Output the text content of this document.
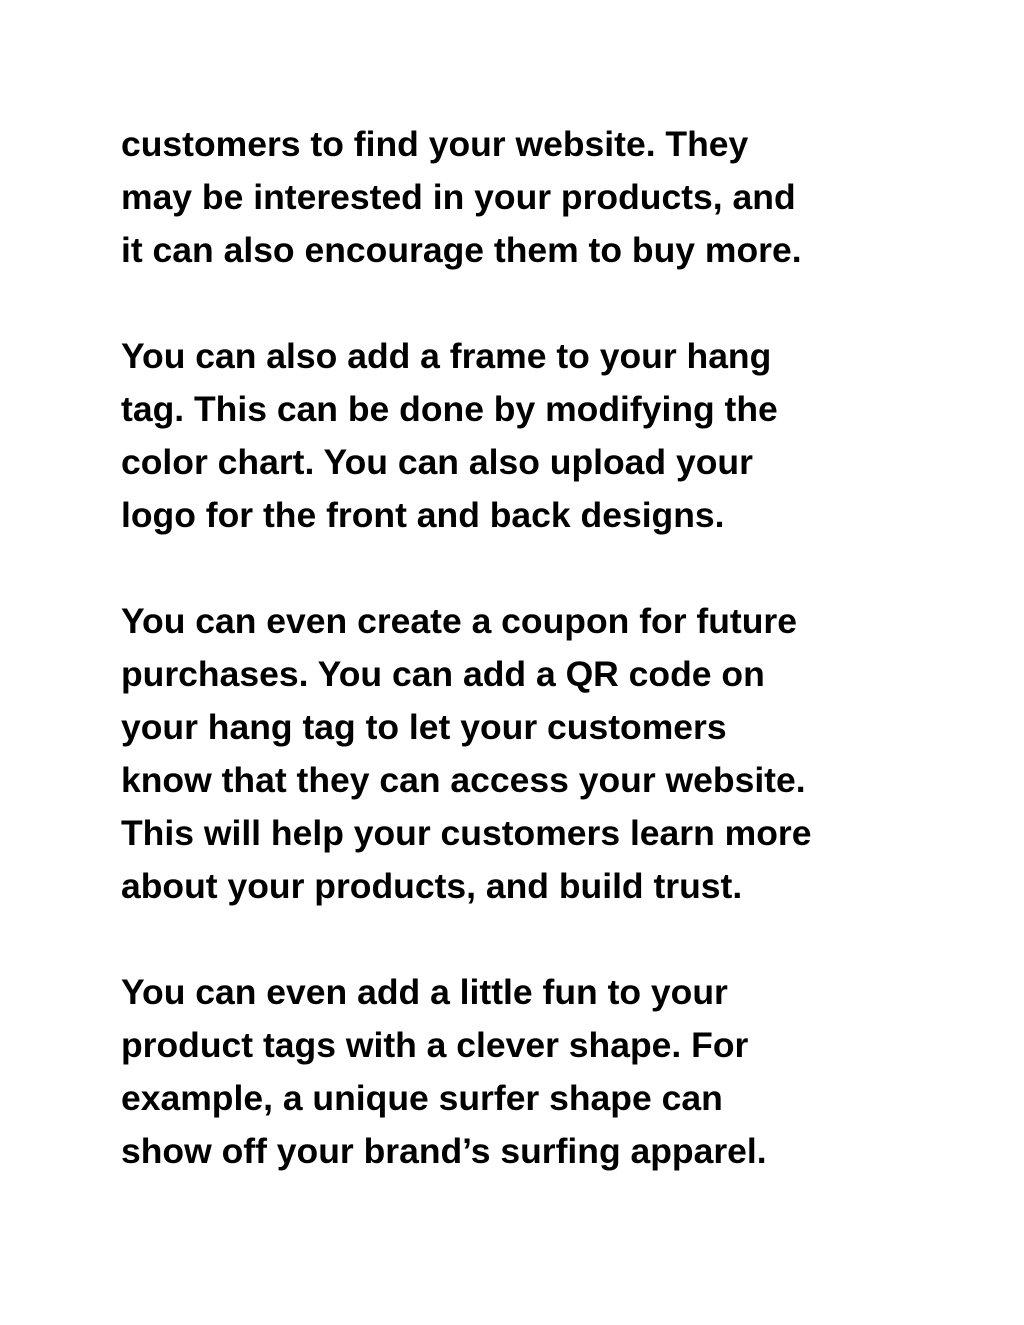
customers to find your website. They
may be interested in your products, and
it can also encourage them to buy more.
You can also add a frame to your hang
tag. This can be done by modifying the
color chart. You can also upload your
logo for the front and back designs.
You can even create a coupon for future
purchases. You can add a QR code on
your hang tag to let your customers
know that they can access your website.
This will help your customers learn more
about your products, and build trust.
You can even add a little fun to your
product tags with a clever shape. For
example, a unique surfer shape can
show off your brand’s surfing apparel.
